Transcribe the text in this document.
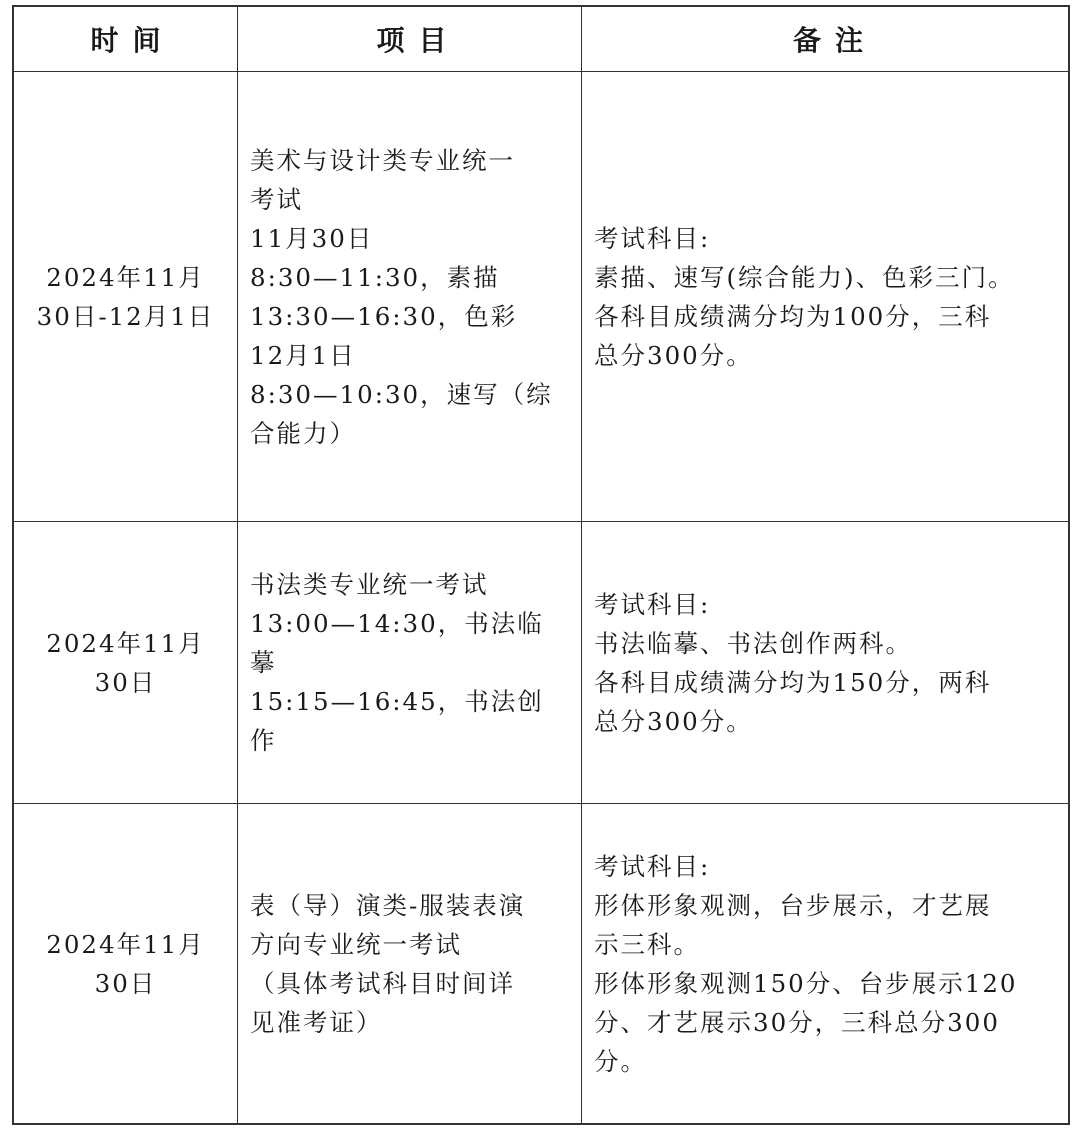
时间	项目	备注
2024年11月
30日-12月1日
美术与设计类专业统一
考试
11月30日
8:30—11:30，素描
13:30—16:30，色彩
12月1日
8:30—10:30，速写（综
合能力）
考试科目:
素描、速写(综合能力)、色彩三门。
各科目成绩满分均为100分，三科
总分300分。
2024年11月
30日
书法类专业统一考试
13:00—14:30，书法临
摹
15:15—16:45，书法创
作
考试科目:
书法临摹、书法创作两科。
各科目成绩满分均为150分，两科
总分300分。
2024年11月
30日
表（导）演类-服装表演
方向专业统一考试
（具体考试科目时间详
见准考证）
考试科目:
形体形象观测，台步展示，才艺展
示三科。
形体形象观测150分、台步展示120
分、才艺展示30分，三科总分300
分。
